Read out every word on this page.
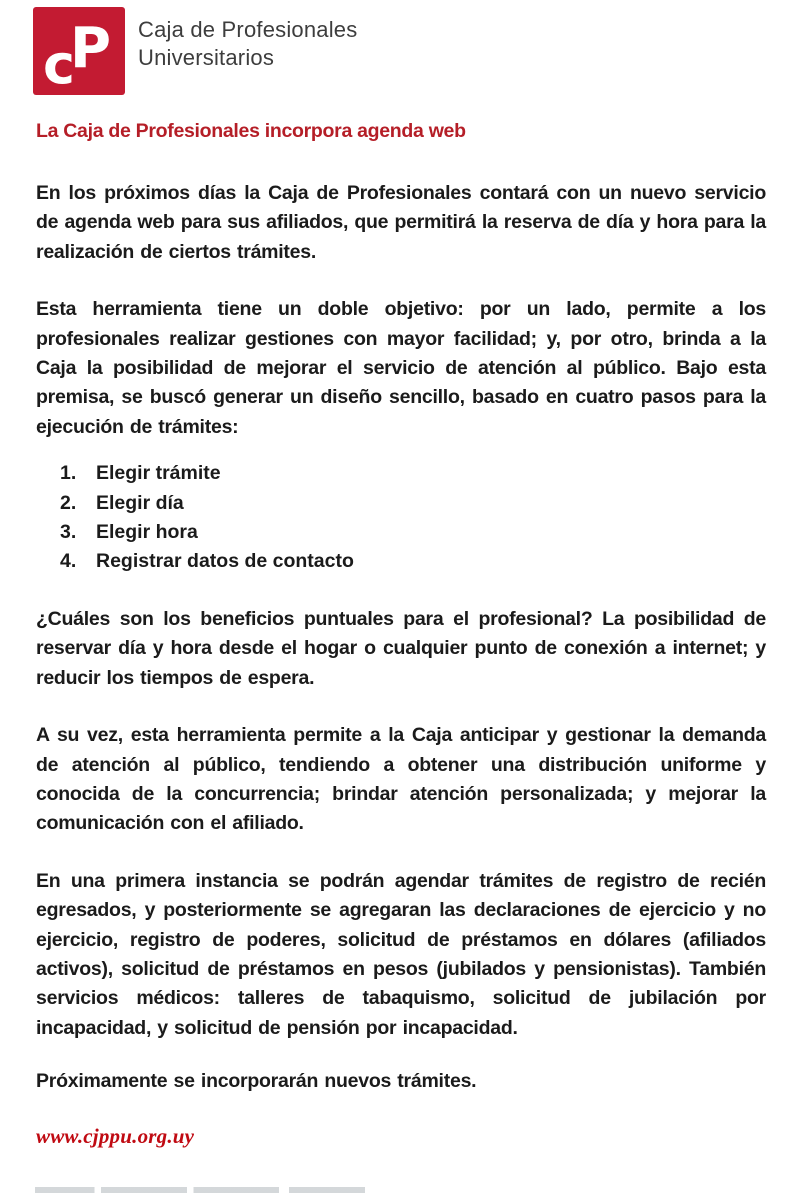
c
P Caja de Profesionales
Universitarios
La Caja de Profesionales incorpora agenda web

En los próximos días la Caja de Profesionales contará con un nuevo servicio de agenda web para sus afiliados, que permitirá la reserva de día y hora para la realización de ciertos trámites.

Esta herramienta tiene un doble objetivo: por un lado, permite a los profesionales realizar gestiones con mayor facilidad; y, por otro, brinda a la Caja la posibilidad de mejorar el servicio de atención al público. Bajo esta premisa, se buscó generar un diseño sencillo, basado en cuatro pasos para la ejecución de trámites:

1.	Elegir trámite
2.	Elegir día
3.	Elegir hora
4.	Registrar datos de contacto

¿Cuáles son los beneficios puntuales para el profesional? La posibilidad de reservar día y hora desde el hogar o cualquier punto de conexión a internet; y reducir los tiempos de espera.

A su vez, esta herramienta permite a la Caja anticipar y gestionar la demanda de atención al público, tendiendo a obtener una distribución uniforme y conocida de la concurrencia; brindar atención personalizada; y mejorar la comunicación con el afiliado.

En una primera instancia se podrán agendar trámites de registro de recién egresados, y posteriormente se agregaran las declaraciones de ejercicio y no ejercicio, registro de poderes, solicitud de préstamos en dólares (afiliados activos), solicitud de préstamos en pesos (jubilados y pensionistas). También servicios médicos: talleres de tabaquismo, solicitud de jubilación por incapacidad, y solicitud de pensión por incapacidad.

Próximamente se incorporarán nuevos trámites.

www.cjppu.org.uy
